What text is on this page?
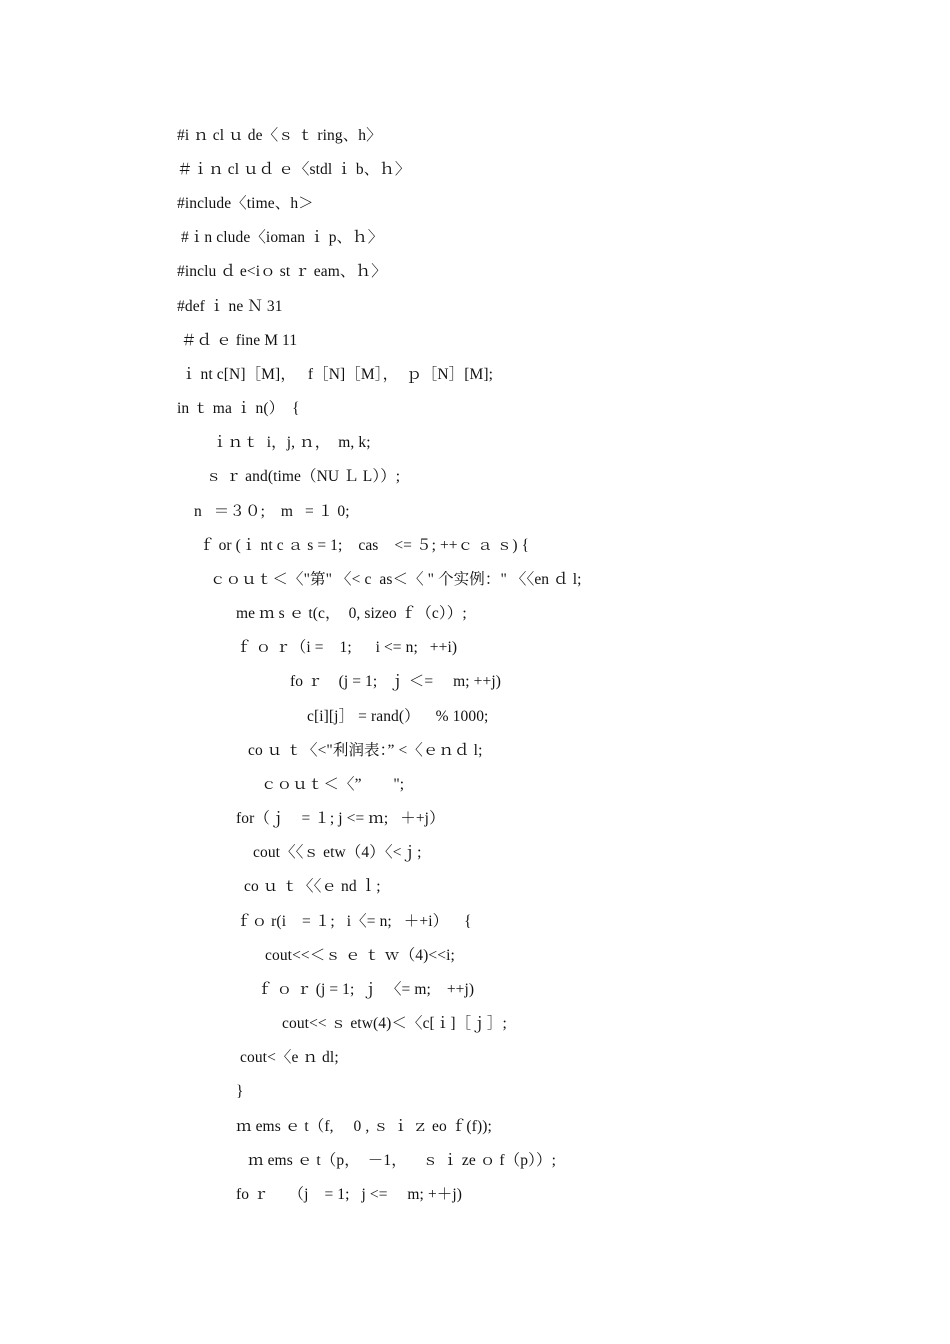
#i ｎ cl ｕ de〈ｓ ｔ ring、h〉
＃ｉｎ cl ｕｄ ｅ〈stdl ｉ b、ｈ〉
#include〈time、h＞
#ｉn clude〈ioman ｉ p、ｈ〉
#inclu ｄ e<iｏ st ｒ eam、ｈ〉
#def ｉ ne Ｎ 31
＃ｄ ｅ fine M 11
ｉ nt c[N]［M]，   f［N]［M］，  ｐ［N］[M];
in ｔ ma ｉ n(）  {
ｉｎｔ  i，j, ｎ，  m, k;
ｓ ｒ and(time（NU Ｌ L））;
n   ＝３０;    m   = １ 0;
ｆ or (ｉ nt c ａ s = 1;    cas    <= ５; ++ｃ ａ ｓ) {
ｃｏｕｔ＜〈"第" 〈< c  as＜〈 " 个实例：" 〈〈en ｄ l;
me ｍ s ｅ t(c，  0, sizeo ｆ（c））;
ｆ ｏ ｒ（i =    1;      i <= n;   ++i)
fo ｒ    (j = 1;   ｊ ＜=     m; ++j)
c[i][j］ = rand(）    % 1000;
co ｕ ｔ〈<"利润表：” <〈ｅｎｄ l;
ｃｏｕｔ＜〈”        ";
for（ｊ    = １; j <= ｍ;   ＋+j）
cout〈〈ｓ etw（4）〈<ｊ;
co ｕ ｔ〈〈ｅ nd ｌ;
ｆｏ r(i    = １;   i〈= n;   ＋+i）    {
cout<<＜ｓ ｅ ｔ ｗ（4)<<i;
ｆ ｏ ｒ (j = 1;  ｊ  〈= m;    ++j)
cout<< ｓ etw(4)＜〈c[ｉ]［ｊ］;
cout<〈e ｎ dl;
}
ｍ ems ｅ t（f,     0 , ｓ ｉ ｚ eo ｆ(f));
ｍ ems ｅ t（p，  －1，    ｓ ｉ ze ｏ f（p））;
fo ｒ     （j    = 1;   j <=     m; +＋j)
